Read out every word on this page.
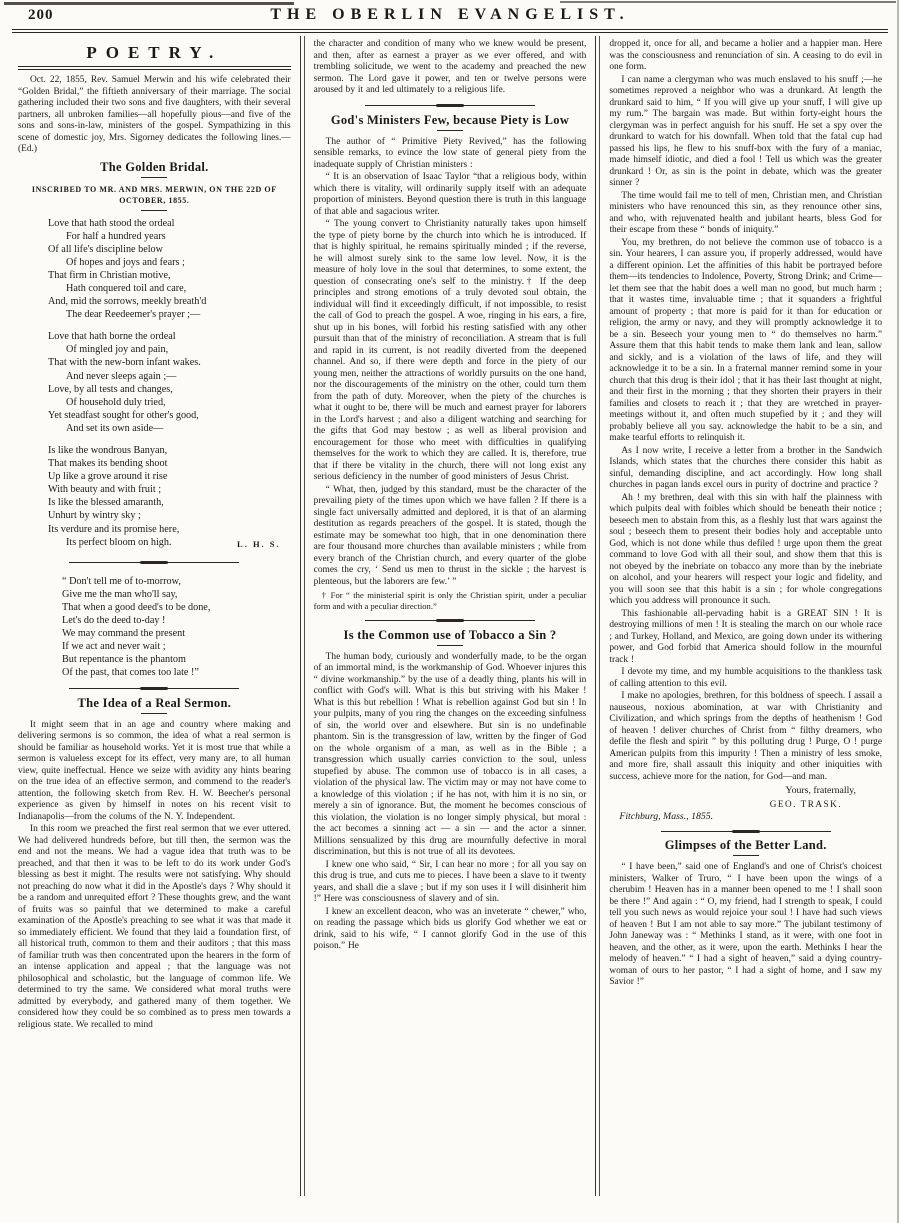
200	THE OBERLIN EVANGELIST.
POETRY.

Oct. 22, 1855, Rev. Samuel Merwin and his wife celebrated their “Golden Bridal,” the fiftieth anniversary of their marriage. The social gathering included their two sons and five daughters, with their several partners, all unbroken families—all hopefully pious—and five of the sons and sons-in-law, ministers of the gospel. Sympathizing in this scene of domestic joy, Mrs. Sigorney dedicates the following lines.—(Ed.)

The Golden Bridal.
INSCRIBED TO MR. AND MRS. MERWIN, ON THE 22D OF OCTOBER, 1855.
Love that hath stood the ordeal
For half a hundred years
Of all life's discipline below
Of hopes and joys and fears ;
That firm in Christian motive,
Hath conquered toil and care,
And, mid the sorrows, meekly breath'd
The dear Reedeemer's prayer ;—
Love that hath borne the ordeal
Of mingled joy and pain,
That with the new-born infant wakes.
And never sleeps again ;—
Love, by all tests and changes,
Of household duly tried,
Yet steadfast sought for other's good,
And set its own aside—
Is like the wondrous Banyan,
That makes its bending shoot
Up like a grove around it rise
With beauty and with fruit ;
Is like the blessed amaranth,
Unhurt by wintry sky ;
Its verdure and its promise here,
Its perfect bloom on high.	L. H. S.
“ Don't tell me of to-morrow,
Give me the man who'll say,
That when a good deed's to be done,
Let's do the deed to-day !
We may command the present
If we act and never wait ;
But repentance is the phantom
Of the past, that comes too late !”
The Idea of a Real Sermon.

It might seem that in an age and country where making and delivering sermons is so common, the idea of what a real sermon is should be familiar as household works. Yet it is most true that while a sermon is valueless except for its effect, very many are, to all human view, quite ineffectual. Hence we seize with avidity any hints bearing on the true idea of an effective sermon, and commend to the reader's attention, the following sketch from Rev. H. W. Beecher's personal experience as given by himself in notes on his recent visit to Indianapolis—from the colums of the N. Y. Independent.

In this room we preached the first real sermon that we ever uttered. We had delivered hundreds before, but till then, the sermon was the end and not the means. We had a vague idea that truth was to be preached, and that then it was to be left to do its work under God's blessing as best it might. The results were not satisfying. Why should not preaching do now what it did in the Apostle's days ? Why should it be a random and unrequited effort ? These thoughts grew, and the want of fruits was so painful that we determined to make a careful examination of the Apostle's preaching to see what it was that made it so immediately efficient. We found that they laid a foundation first, of all historical truth, common to them and their auditors ; that this mass of familiar truth was then concentrated upon the hearers in the form of an intense application and appeal ; that the language was not philosophical and scholastic, but the language of common life. We determined to try the same. We considered what moral truths were admitted by everybody, and gathered many of them together. We considered how they could be so combined as to press men towards a religious state. We recalled to mind

the character and condition of many who we knew would be present, and then, after as earnest a prayer as we ever offered, and with trembling solicitude, we went to the academy and preached the new sermon. The Lord gave it power, and ten or twelve persons were aroused by it and led ultimately to a religious life.

God's Ministers Few, because Piety is Low

The author of “ Primitive Piety Revived,” has the following sensible remarks, to evince the low state of general piety from the inadequate supply of Christian ministers :

“ It is an observation of Isaac Taylor “that a religious body, within which there is vitality, will ordinarily supply itself with an adequate proportion of ministers. Beyond question there is truth in this language of that able and sagacious writer.

“ The young convert to Christianity naturally takes upon himself the type of piety borne by the church into which he is introduced. If that is highly spiritual, he remains spiritually minded ; if the reverse, he will almost surely sink to the same low level. Now, it is the measure of holy love in the soul that determines, to some extent, the question of consecrating one's self to the ministry.† If the deep principles and strong emotions of a truly devoted soul obtain, the individual will find it exceedingly difficult, if not impossible, to resist the call of God to preach the gospel. A woe, ringing in his ears, a fire, shut up in his bones, will forbid his resting satisfied with any other pursuit than that of the ministry of reconciliation. A stream that is full and rapid in its current, is not readily diverted from the deepened channel. And so, if there were depth and force in the piety of our young men, neither the attractions of worldly pursuits on the one hand, nor the discouragements of the ministry on the other, could turn them from the path of duty. Moreover, when the piety of the churches is what it ought to be, there will be much and earnest prayer for laborers in the Lord's harvest ; and also a diligent watching and searching for the gifts that God may bestow ; as well as liberal provision and encouragement for those who meet with difficulties in qualifying themselves for the work to which they are called. It is, therefore, true that if there be vitality in the church, there will not long exist any serious deficiency in the number of good ministers of Jesus Christ.

“ What, then, judged by this standard, must be the character of the prevailing piety of the times upon which we have fallen ? If there is a single fact universally admitted and deplored, it is that of an alarming destitution as regards preachers of the gospel. It is stated, though the estimate may be somewhat too high, that in one denomination there are four thousand more churches than available ministers ; while from every branch of the Christian church, and every quarter of the globe comes the cry, ‘ Send us men to thrust in the sickle ; the harvest is plenteous, but the laborers are few.’ ”

† For “ the ministerial spirit is only the Christian spirit, under a peculiar form and with a peculiar direction.”
Is the Common use of Tobacco a Sin ?

The human body, curiously and wonderfully made, to be the organ of an immortal mind, is the workmanship of God. Whoever injures this “ divine workmanship.” by the use of a deadly thing, plants his will in conflict with God's will. What is this but striving with his Maker ! What is this but rebellion ! What is rebellion against God but sin ! In your pulpits, many of you ring the changes on the exceeding sinfulness of sin, the world over and elsewhere. But sin is no undefinable phantom. Sin is the transgression of law, written by the finger of God on the whole organism of a man, as well as in the Bible ; a transgression which usually carries conviction to the soul, unless stupefied by abuse. The common use of tobacco is in all cases, a violation of the physical law. The victim may or may not have come to a knowledge of this violation ; if he has not, with him it is no sin, or merely a sin of ignorance. But, the moment he becomes conscious of this violation, the violation is no longer simply physical, but moral : the act becomes a sinning act — a sin — and the actor a sinner. Millions sensualized by this drug are mournfully defective in moral discrimination, but this is not true of all its devotees.

I knew one who said, “ Sir, I can hear no more ; for all you say on this drug is true, and cuts me to pieces. I have been a slave to it twenty years, and shall die a slave ; but if my son uses it I will disinherit him !” Here was consciousness of slavery and of sin.

I knew an excellent deacon, who was an inveterate “ chewer,” who, on reading the passage which bids us glorify God whether we eat or drink, said to his wife, “ I cannot glorify God in the use of this poison.” He

dropped it, once for all, and became a holier and a happier man. Here was the consciousness and renunciation of sin. A ceasing to do evil in one form.

I can name a clergyman who was much enslaved to his snuff ;—he sometimes reproved a neighbor who was a drunkard. At length the drunkard said to him, “ If you will give up your snuff, I will give up my rum.” The bargain was made. But within forty-eight hours the clergyman was in perfect anguish for his snuff. He set a spy over the drunkard to watch for his downfall. When told that the fatal cup had passed his lips, he flew to his snuff-box with the fury of a maniac, made himself idiotic, and died a fool ! Tell us which was the greater drunkard ! Or, as sin is the point in debate, which was the greater sinner ?

The time would fail me to tell of men, Christian men, and Christian ministers who have renounced this sin, as they renounce other sins, and who, with rejuvenated health and jubilant hearts, bless God for their escape from these “ bonds of iniquity.”

You, my brethren, do not believe the common use of tobacco is a sin. Your hearers, I can assure you, if properly addressed, would have a different opinion. Let the affinities of this habit be portrayed before them—its tendencies to Indolence, Poverty, Strong Drink; and Crime—let them see that the habit does a well man no good, but much harm ; that it wastes time, invaluable time ; that it squanders a frightful amount of property ; that more is paid for it than for education or religion, the army or navy, and they will promptly acknowledge it to be a sin. Beseech your young men to “ do themselves no harm.” Assure them that this habit tends to make them lank and lean, sallow and sickly, and is a violation of the laws of life, and they will acknowledge it to be a sin. In a fraternal manner remind some in your church that this drug is their idol ; that it has their last thought at night, and their first in the morning ; that they shorten their prayers in their families and closets to reach it ; that they are wretched in prayer-meetings without it, and often much stupefied by it ; and they will probably believe all you say. acknowledge the habit to be a sin, and make tearful efforts to relinquish it.

As I now write, I receive a letter from a brother in the Sandwich Islands, which states that the churches there consider this habit as sinful, demanding discipline, and act accordingly. How long shall churches in pagan lands excel ours in purity of doctrine and practice ?

Ah ! my brethren, deal with this sin with half the plainness with which pulpits deal with foibles which should be beneath their notice ; beseech men to abstain from this, as a fleshly lust that wars against the soul ; beseech them to present their bodies holy and acceptable unto God, which is not done while thus defiled ! urge upon them the great command to love God with all their soul, and show them that this is not obeyed by the inebriate on tobacco any more than by the inebriate on alcohol, and your hearers will respect your logic and fidelity, and you will soon see that this habit is a sin ; for whole congregations which you address will pronounce it such.

This fashionable all-pervading habit is a GREAT SIN ! It is destroying millions of men ! It is stealing the march on our whole race ; and Turkey, Holland, and Mexico, are going down under its withering power, and God forbid that America should follow in the mournful track !

I devote my time, and my humble acquisitions to the thankless task of calling attention to this evil.

I make no apologies, brethren, for this boldness of speech. I assail a nauseous, noxious abomination, at war with Christianity and Civilization, and which springs from the depths of heathenism ! God of heaven ! deliver churches of Christ from “ filthy dreamers, who defile the flesh and spirit ” by this polluting drug ! Purge, O ! purge American pulpits from this impurity ! Then a ministry of less smoke, and more fire, shall assault this iniquity and other iniquities with success, achieve more for the nation, for God—and man.

Yours, fraternally,
GEO. TRASK.
Fitchburg, Mass., 1855.
Glimpses of the Better Land.

“ I have been,” said one of England's and one of Christ's choicest ministers, Walker of Truro, “ I have been upon the wings of a cherubim ! Heaven has in a manner been opened to me ! I shall soon be there !” And again : “ O, my friend, had I strength to speak, I could tell you such news as would rejoice your soul ! I have had such views of heaven ! But I am not able to say more.” The jubilant testimony of John Janeway was : “ Methinks I stand, as it were, with one foot in heaven, and the other, as it were, upon the earth. Methinks I hear the melody of heaven.” “ I had a sight of heaven,” said a dying country-woman of ours to her pastor, “ I had a sight of home, and I saw my Savior !”
